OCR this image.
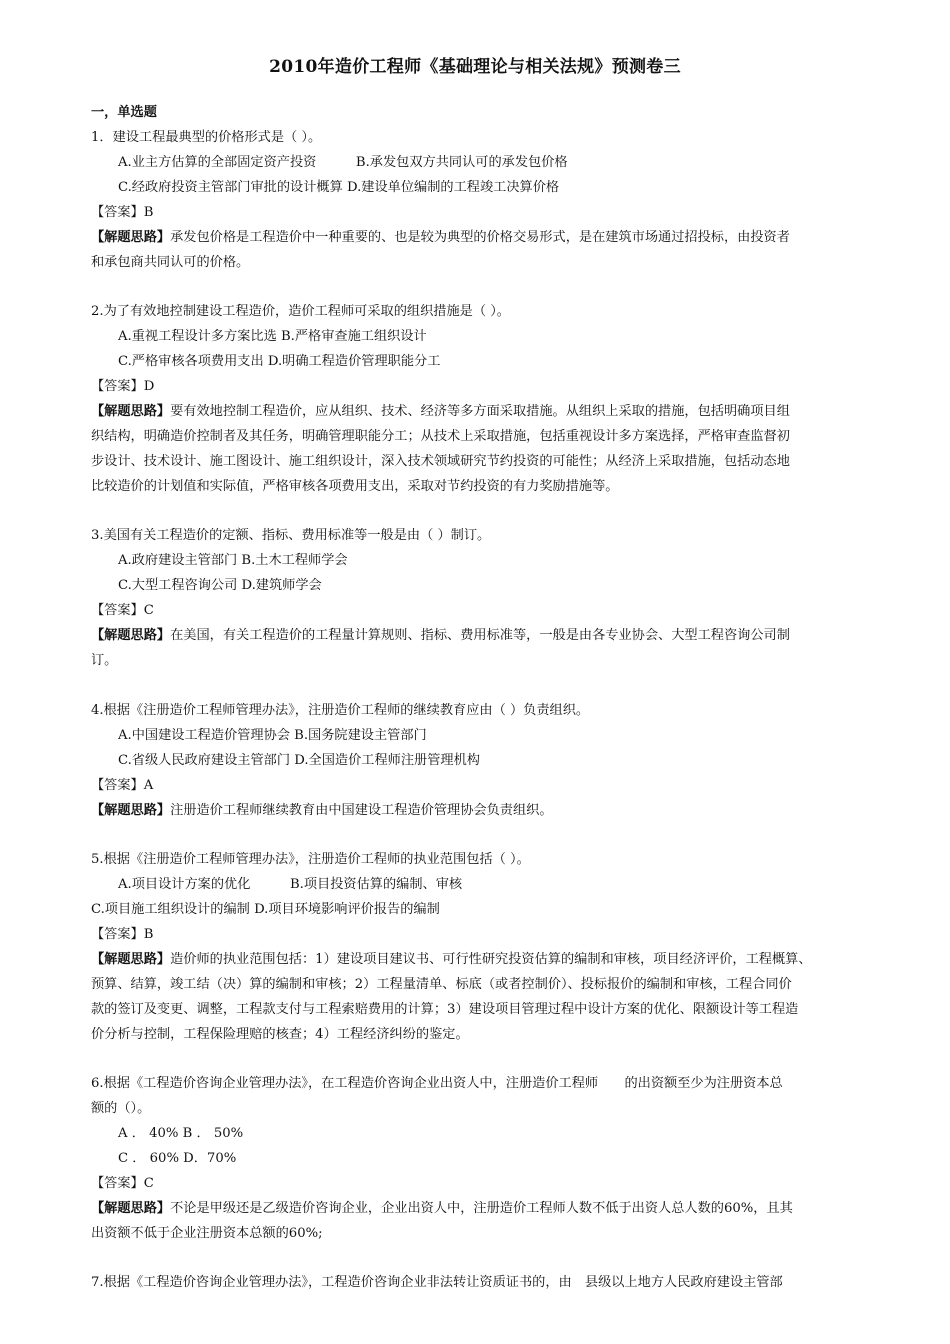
2010年造价工程师《基础理论与相关法规》预测卷三
一，单选题
1．建设工程最典型的价格形式是（ ）。
A.业主方估算的全部固定资产投资　　　B.承发包双方共同认可的承发包价格
C.经政府投资主管部门审批的设计概算 D.建设单位编制的工程竣工决算价格
【答案】B
【解题思路】承发包价格是工程造价中一种重要的、也是较为典型的价格交易形式，是在建筑市场通过招投标，由投资者
和承包商共同认可的价格。
2.为了有效地控制建设工程造价，造价工程师可采取的组织措施是（ ）。
A.重视工程设计多方案比选 B.严格审查施工组织设计
C.严格审核各项费用支出 D.明确工程造价管理职能分工
【答案】D
【解题思路】要有效地控制工程造价，应从组织、技术、经济等多方面采取措施。从组织上采取的措施，包括明确项目组
织结构，明确造价控制者及其任务，明确管理职能分工；从技术上采取措施，包括重视设计多方案选择，严格审查监督初
步设计、技术设计、施工图设计、施工组织设计，深入技术领域研究节约投资的可能性；从经济上采取措施，包括动态地
比较造价的计划值和实际值，严格审核各项费用支出，采取对节约投资的有力奖励措施等。
3.美国有关工程造价的定额、指标、费用标准等一般是由（ ）制订。
A.政府建设主管部门 B.土木工程师学会
C.大型工程咨询公司 D.建筑师学会
【答案】C
【解题思路】在美国，有关工程造价的工程量计算规则、指标、费用标准等，一般是由各专业协会、大型工程咨询公司制
订。
4.根据《注册造价工程师管理办法》，注册造价工程师的继续教育应由（ ）负责组织。
A.中国建设工程造价管理协会 B.国务院建设主管部门
C.省级人民政府建设主管部门 D.全国造价工程师注册管理机构
【答案】A
【解题思路】注册造价工程师继续教育由中国建设工程造价管理协会负责组织。
5.根据《注册造价工程师管理办法》，注册造价工程师的执业范围包括（ ）。
A.项目设计方案的优化　　　B.项目投资估算的编制、审核
C.项目施工组织设计的编制 D.项目环境影响评价报告的编制
【答案】B
【解题思路】造价师的执业范围包括：1）建设项目建议书、可行性研究投资估算的编制和审核，项目经济评价，工程概算、
预算、结算，竣工结（决）算的编制和审核；2）工程量清单、标底（或者控制价）、投标报价的编制和审核，工程合同价
款的签订及变更、调整，工程款支付与工程索赔费用的计算；3）建设项目管理过程中设计方案的优化、限额设计等工程造
价分析与控制，工程保险理赔的核查；4）工程经济纠纷的鉴定。
6.根据《工程造价咨询企业管理办法》，在工程造价咨询企业出资人中，注册造价工程师　　的出资额至少为注册资本总
额的（）。
A ． 40% B ． 50%
C ． 60% D．70%
【答案】C
【解题思路】不论是甲级还是乙级造价咨询企业，企业出资人中，注册造价工程师人数不低于出资人总人数的60%，且其
出资额不低于企业注册资本总额的60%;
7.根据《工程造价咨询企业管理办法》，工程造价咨询企业非法转让资质证书的，由　县级以上地方人民政府建设主管部
